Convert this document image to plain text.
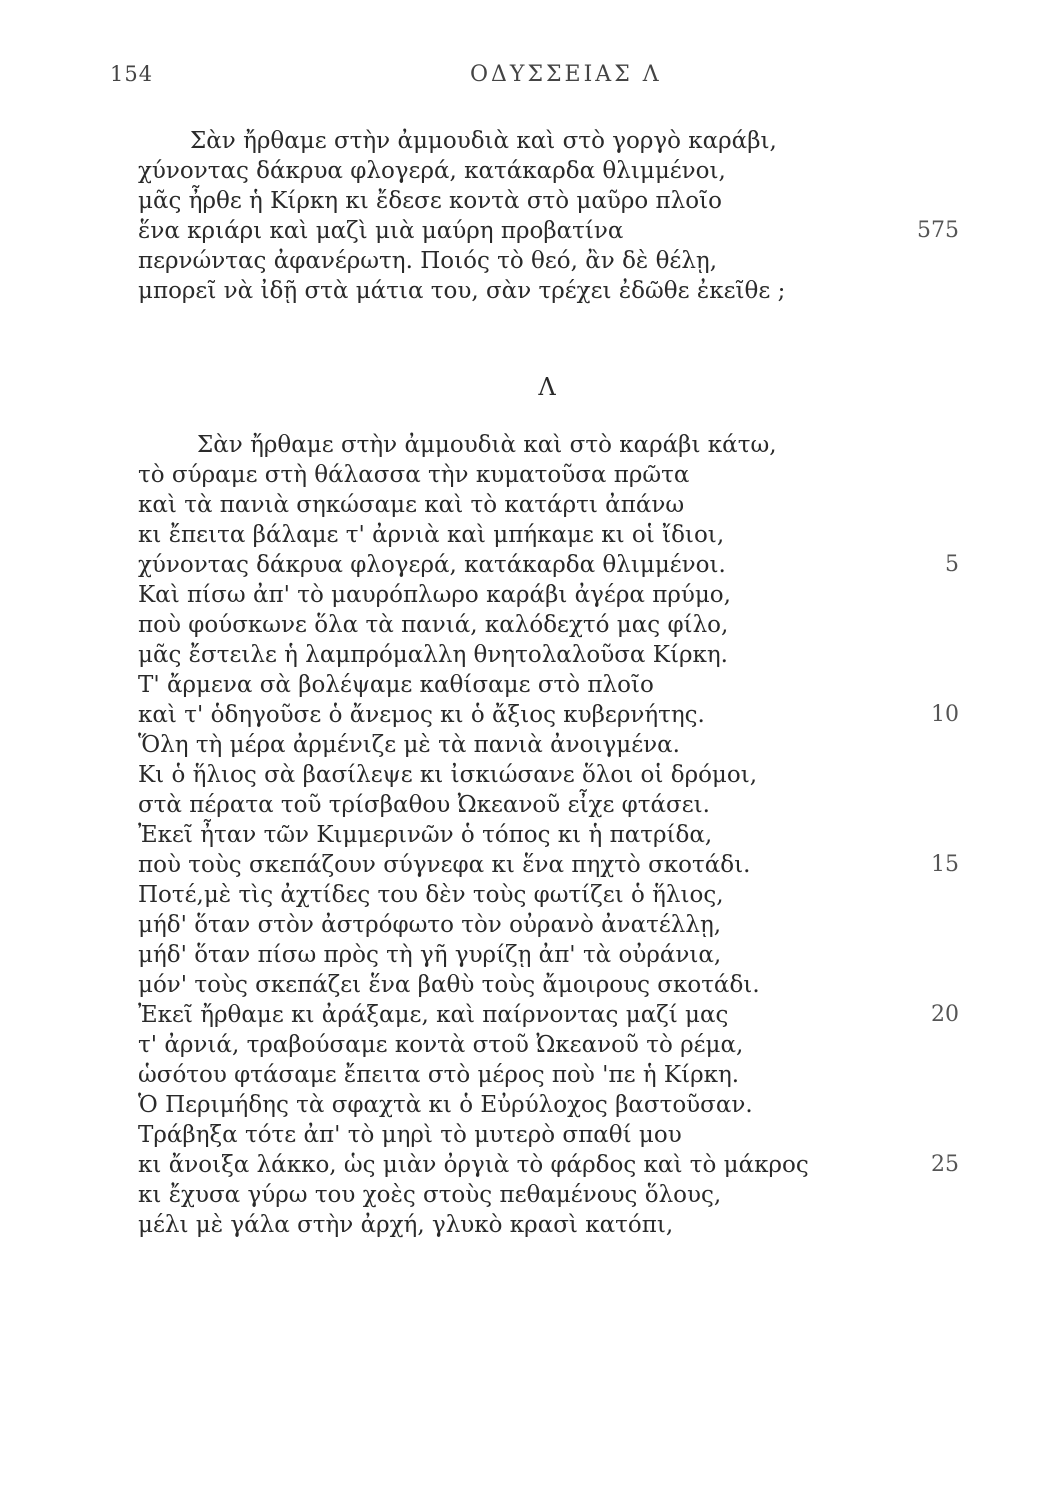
154	ΟΔΥΣΣΕΙΑΣ Λ
Σὰν ἤρθαμε στὴν ἀμμουδιὰ καὶ στὸ γοργὸ καράβι,
χύνοντας δάκρυα φλογερά, κατάκαρδα θλιμμένοι,
μᾶς ἦρθε ἡ Κίρκη κι ἔδεσε κοντὰ στὸ μαῦρο πλοῖο
ἕνα κριάρι καὶ μαζὶ μιὰ μαύρη προβατίνα	575
περνώντας ἀφανέρωτη. Ποιός τὸ θεό, ἂν δὲ θέλῃ,
μπορεῖ νὰ ἰδῇ στὰ μάτια του, σὰν τρέχει ἐδῶθε ἐκεῖθε ;
Λ
Σὰν ἤρθαμε στὴν ἀμμουδιὰ καὶ στὸ καράβι κάτω,
τὸ σύραμε στὴ θάλασσα τὴν κυματοῦσα πρῶτα
καὶ τὰ πανιὰ σηκώσαμε καὶ τὸ κατάρτι ἀπάνω
κι ἔπειτα βάλαμε τ' ἀρνιὰ καὶ μπήκαμε κι οἱ ἴδιοι,
χύνοντας δάκρυα φλογερά, κατάκαρδα θλιμμένοι.	5
Καὶ πίσω ἀπ' τὸ μαυρόπλωρο καράβι ἀγέρα πρύμο,
ποὺ φούσκωνε ὅλα τὰ πανιά, καλόδεχτό μας φίλο,
μᾶς ἔστειλε ἡ λαμπρόμαλλη θνητολαλοῦσα Κίρκη.
Τ' ἄρμενα σὰ βολέψαμε καθίσαμε στὸ πλοῖο
καὶ τ' ὁδηγοῦσε ὁ ἄνεμος κι ὁ ἄξιος κυβερνήτης.	10
Ὅλη τὴ μέρα ἀρμένιζε μὲ τὰ πανιὰ ἀνοιγμένα.
Κι ὁ ἥλιος σὰ βασίλεψε κι ἰσκιώσανε ὅλοι οἱ δρόμοι,
στὰ πέρατα τοῦ τρίσβαθου Ὠκεανοῦ εἶχε φτάσει.
Ἐκεῖ ἦταν τῶν Κιμμερινῶν ὁ τόπος κι ἡ πατρίδα,
ποὺ τοὺς σκεπάζουν σύγνεφα κι ἕνα πηχτὸ σκοτάδι.	15
Ποτέ,μὲ τὶς ἀχτίδες του δὲν τοὺς φωτίζει ὁ ἥλιος,
μήδ' ὅταν στὸν ἀστρόφωτο τὸν οὐρανὸ ἀνατέλλῃ,
μήδ' ὅταν πίσω πρὸς τὴ γῆ γυρίζῃ ἀπ' τὰ οὐράνια,
μόν' τοὺς σκεπάζει ἕνα βαθὺ τοὺς ἄμοιρους σκοτάδι.
Ἐκεῖ ἤρθαμε κι ἀράξαμε, καὶ παίρνοντας μαζί μας	20
τ' ἀρνιά, τραβούσαμε κοντὰ στοῦ Ὠκεανοῦ τὸ ρέμα,
ὡσότου φτάσαμε ἔπειτα στὸ μέρος ποὺ 'πε ἡ Κίρκη.
Ὁ Περιμήδης τὰ σφαχτὰ κι ὁ Εὐρύλοχος βαστοῦσαν.
Τράβηξα τότε ἀπ' τὸ μηρὶ τὸ μυτερὸ σπαθί μου
κι ἄνοιξα λάκκο, ὡς μιὰν ὀργιὰ τὸ φάρδος καὶ τὸ μάκρος	25
κι ἔχυσα γύρω του χοὲς στοὺς πεθαμένους ὅλους,
μέλι μὲ γάλα στὴν ἀρχή, γλυκὸ κρασὶ κατόπι,
